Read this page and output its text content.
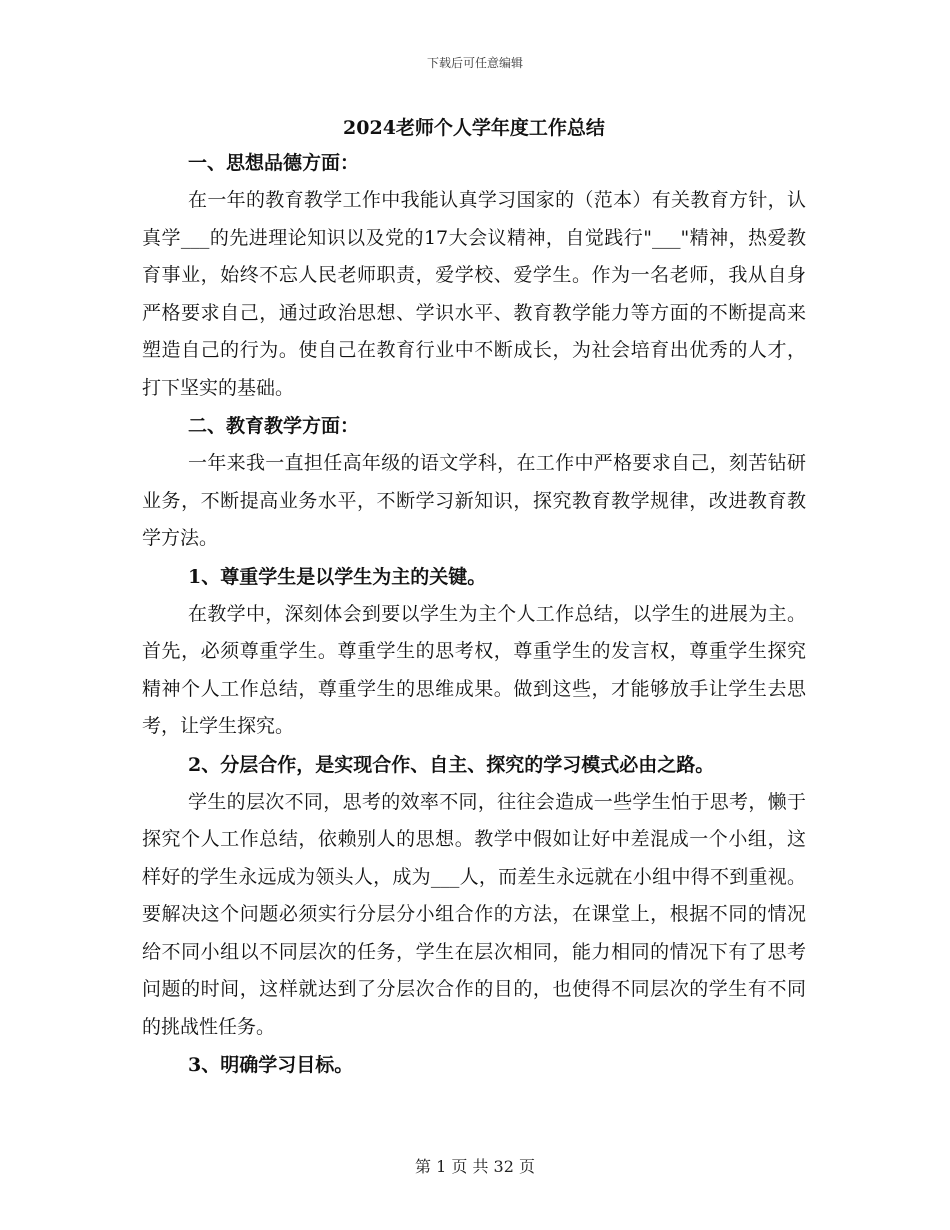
下载后可任意编辑
2024老师个人学年度工作总结
一、思想品德方面：

在一年的教育教学工作中我能认真学习国家的（范本）有关教育方针，认真学___的先进理论知识以及党的17大会议精神，自觉践行"___"精神，热爱教育事业，始终不忘人民老师职责，爱学校、爱学生。作为一名老师，我从自身严格要求自己，通过政治思想、学识水平、教育教学能力等方面的不断提高来塑造自己的行为。使自己在教育行业中不断成长，为社会培育出优秀的人才，打下坚实的基础。

二、教育教学方面：

一年来我一直担任高年级的语文学科，在工作中严格要求自己，刻苦钻研业务，不断提高业务水平，不断学习新知识，探究教育教学规律，改进教育教学方法。

1、尊重学生是以学生为主的关键。

在教学中，深刻体会到要以学生为主个人工作总结，以学生的进展为主。首先，必须尊重学生。尊重学生的思考权，尊重学生的发言权，尊重学生探究精神个人工作总结，尊重学生的思维成果。做到这些，才能够放手让学生去思考，让学生探究。

2、分层合作，是实现合作、自主、探究的学习模式必由之路。

学生的层次不同，思考的效率不同，往往会造成一些学生怕于思考，懒于探究个人工作总结，依赖别人的思想。教学中假如让好中差混成一个小组，这样好的学生永远成为领头人，成为___人，而差生永远就在小组中得不到重视。要解决这个问题必须实行分层分小组合作的方法，在课堂上，根据不同的情况给不同小组以不同层次的任务，学生在层次相同，能力相同的情况下有了思考问题的时间，这样就达到了分层次合作的目的，也使得不同层次的学生有不同的挑战性任务。

3、明确学习目标。
第 1 页 共 32 页
